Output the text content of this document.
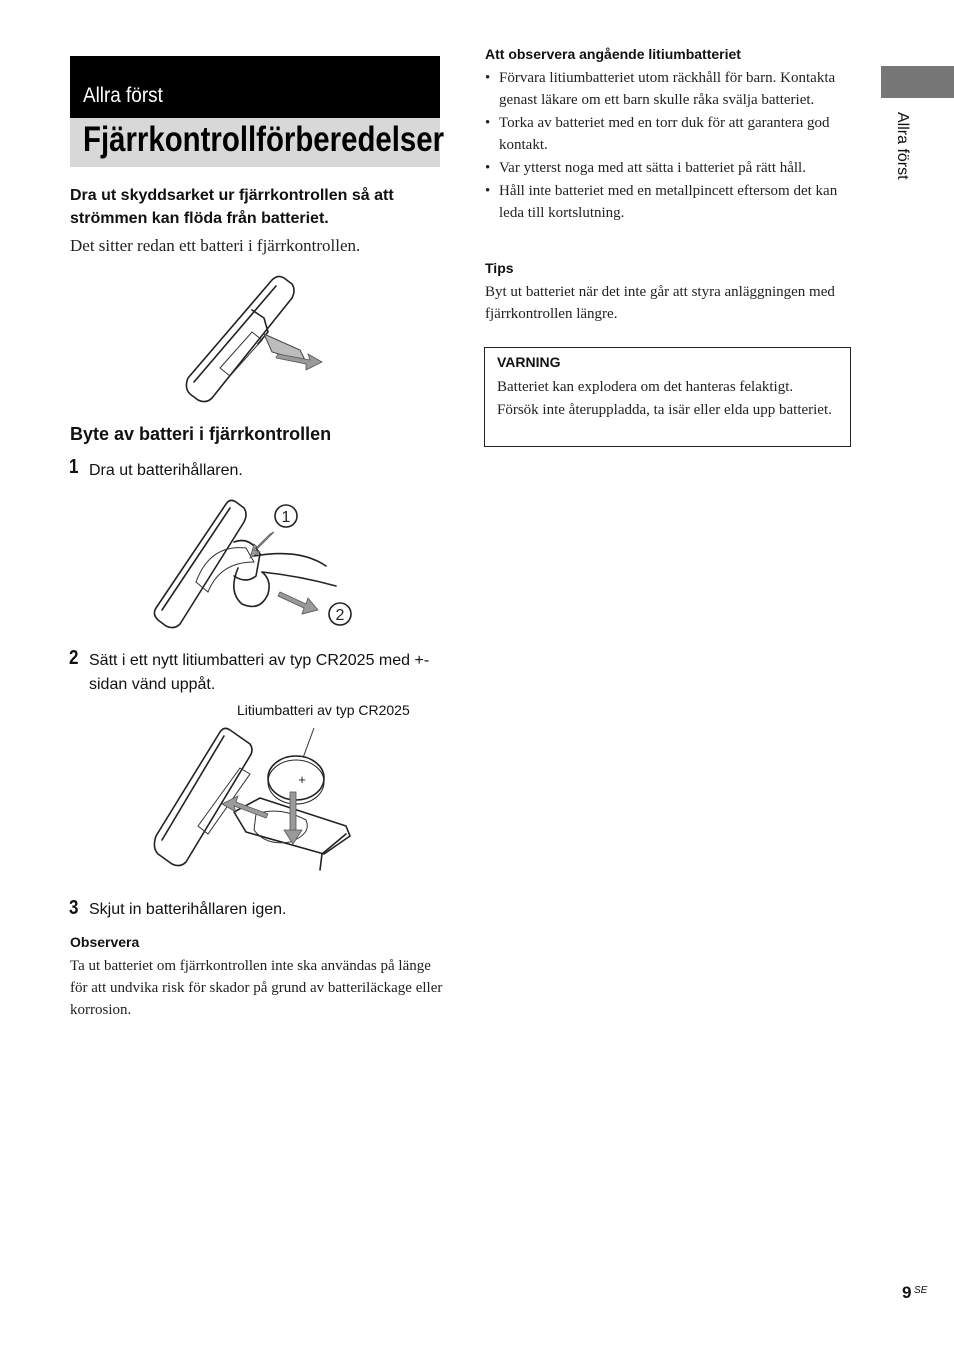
Allra först
Fjärrkontrollförberedelser
Dra ut skyddsarket ur fjärrkontrollen så att strömmen kan flöda från batteriet.
Det sitter redan ett batteri i fjärrkontrollen.
Byte av batteri i fjärrkontrollen
1 Dra ut batterihållaren.
1
2
2 Sätt i ett nytt litiumbatteri av typ CR2025 med +-sidan vänd uppåt.
Litiumbatteri av typ CR2025
+
3 Skjut in batterihållaren igen.
Observera
Ta ut batteriet om fjärrkontrollen inte ska användas på länge för att undvika risk för skador på grund av batteriläckage eller korrosion.
Att observera angående litiumbatteriet
• Förvara litiumbatteriet utom räckhåll för barn. Kontakta genast läkare om ett barn skulle råka svälja batteriet.
• Torka av batteriet med en torr duk för att garantera god kontakt.
• Var ytterst noga med att sätta i batteriet på rätt håll.
• Håll inte batteriet med en metallpincett eftersom det kan leda till kortslutning.
Tips
Byt ut batteriet när det inte går att styra anläggningen med fjärrkontrollen längre.
VARNING
Batteriet kan explodera om det hanteras felaktigt.
Försök inte återuppladda, ta isär eller elda upp batteriet.
Allra först
9 SE
